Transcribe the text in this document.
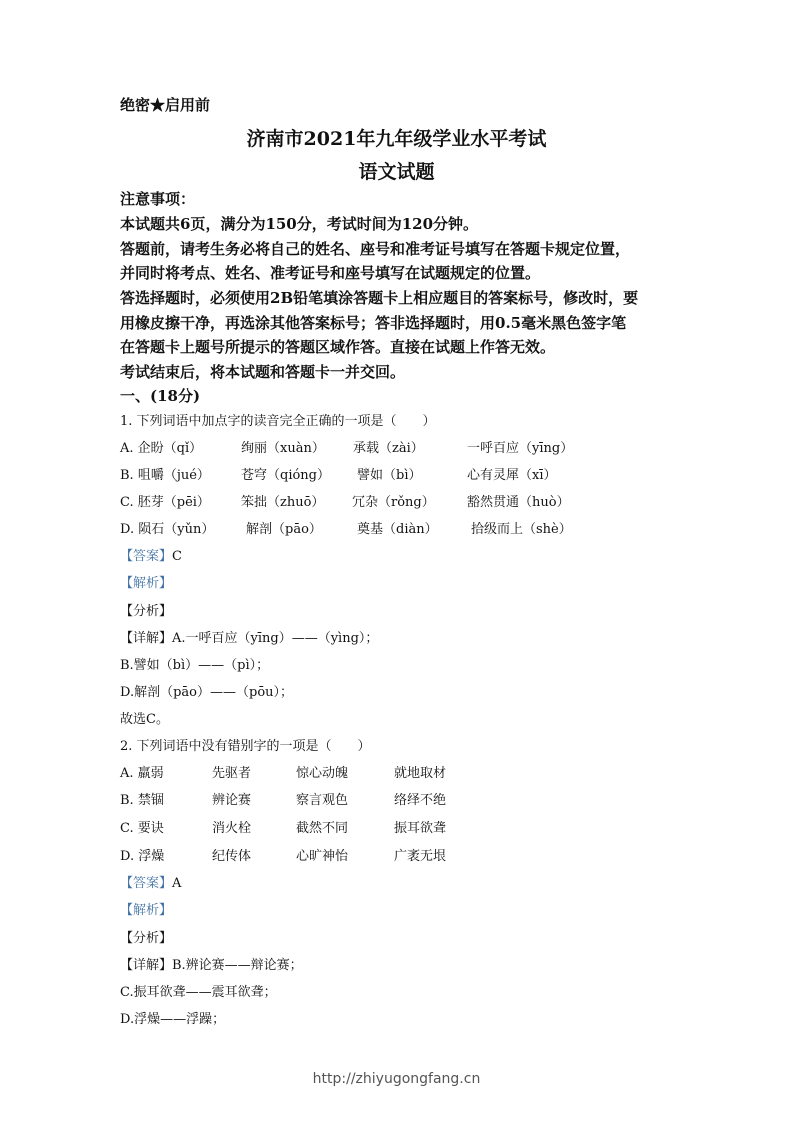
绝密★启用前
济南市2021年九年级学业水平考试
语文试题
注意事项：
本试题共6页，满分为150分，考试时间为120分钟。
答题前，请考生务必将自己的姓名、座号和准考证号填写在答题卡规定位置，
并同时将考点、姓名、准考证号和座号填写在试题规定的位置。
答选择题时，必须使用2B铅笔填涂答题卡上相应题目的答案标号，修改时，要
用橡皮擦干净，再选涂其他答案标号；答非选择题时，用0.5毫米黑色签字笔
在答题卡上题号所提示的答题区域作答。直接在试题上作答无效。
考试结束后，将本试题和答题卡一并交回。
一、(18分)
1. 下列词语中加点字的读音完全正确的一项是（　　）
A. 企盼（qǐ）	绚丽（xuàn） 承载（zài）	一呼百应（yīng）
B. 咀嚼（jué） 苍穹（qióng） 譬如（bì）	心有灵犀（xī）
C. 胚芽（pēi） 笨拙（zhuō） 冗杂（rǒng） 豁然贯通（huò）
D. 陨石（yǔn） 解剖（pāo）	奠基（diàn）	拾级而上（shè）
【答案】C
【解析】
【分析】
【详解】A.一呼百应（yīng）——（yìng）；
B.譬如（bì）——（pì）；
D.解剖（pāo）——（pōu）；
故选C。
2. 下列词语中没有错别字的一项是（　　）
A. 羸弱	先驱者	惊心动魄	就地取材
B. 禁锢	辨论赛	察言观色	络绎不绝
C. 要诀	消火栓	截然不同	振耳欲聋
D. 浮燥	纪传体	心旷神怡	广袤无垠
【答案】A
【解析】
【分析】
【详解】B.辨论赛——辩论赛；
C.振耳欲聋——震耳欲聋；
D.浮燥——浮躁；
http://zhiyugongfang.cn
